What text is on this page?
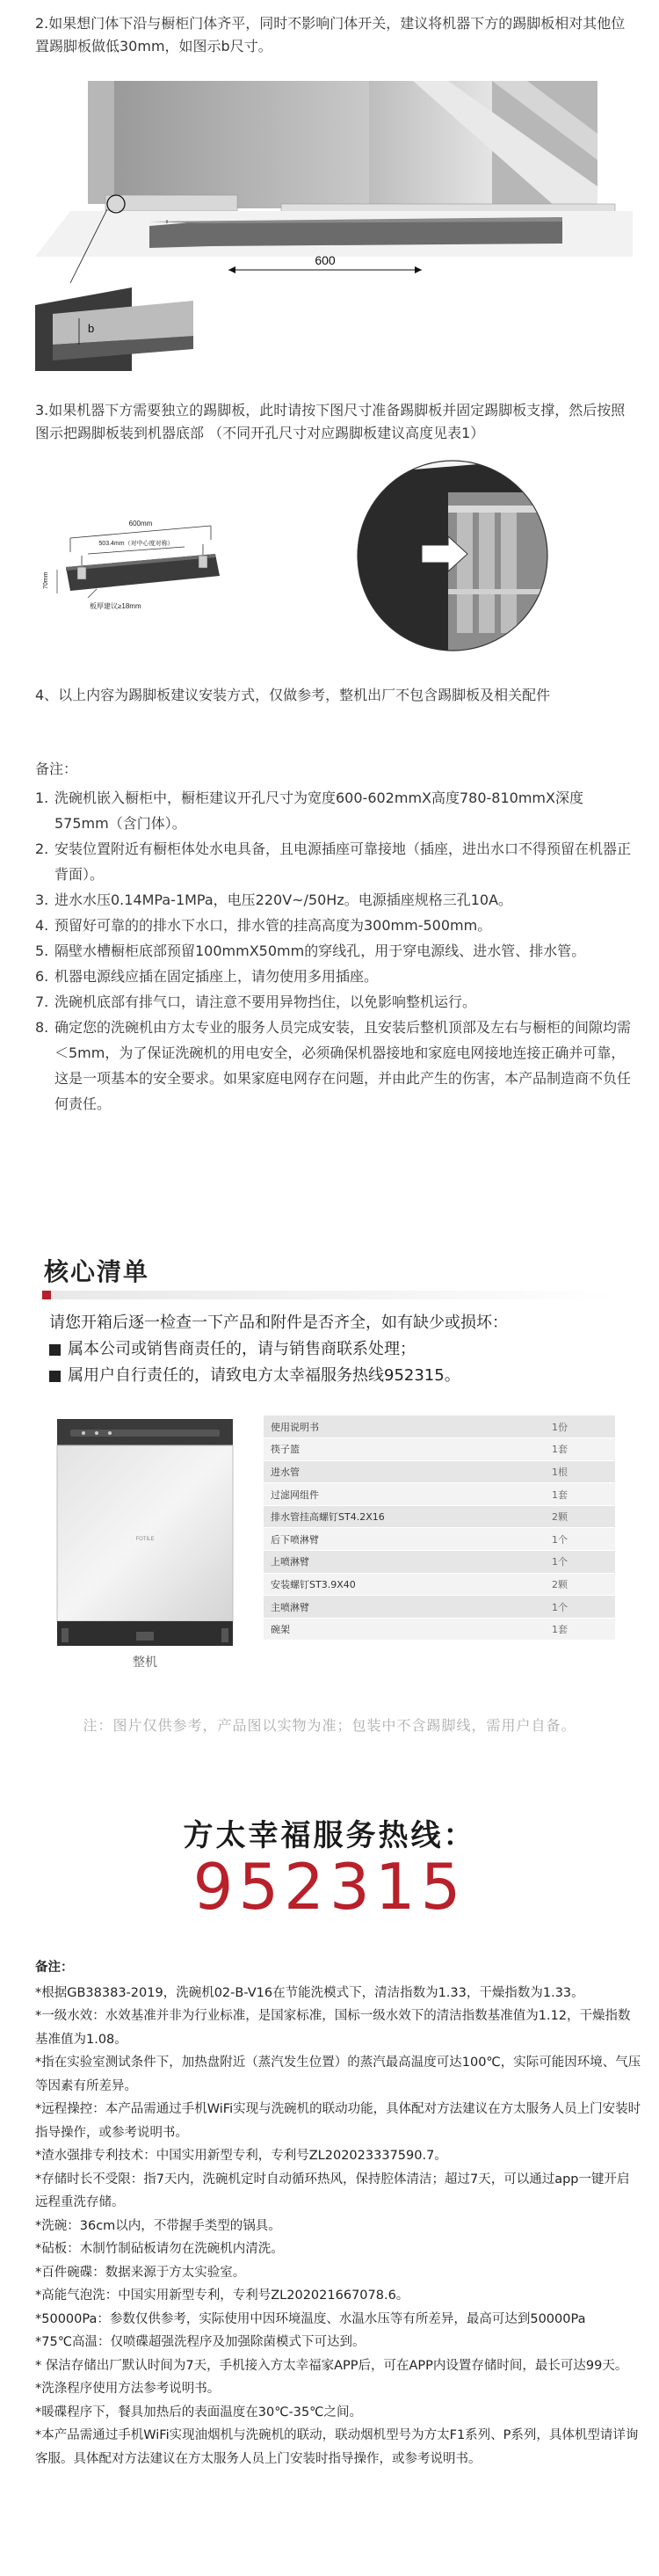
2.如果想门体下沿与橱柜门体齐平，同时不影响门体开关，建议将机器下方的踢脚板相对其他位置踢脚板做低30mm，如图示b尺寸。

600
b

3.如果机器下方需要独立的踢脚板，此时请按下图尺寸准备踢脚板并固定踢脚板支撑，然后按照图示把踢脚板装到机器底部 （不同开孔尺寸对应踢脚板建议高度见表1）

600mm
503.4mm（对中心度对称）
70mm
板厚建议≥18mm

4、以上内容为踢脚板建议安装方式，仅做参考，整机出厂不包含踢脚板及相关配件

备注：
1. 洗碗机嵌入橱柜中，橱柜建议开孔尺寸为宽度600-602mmX高度780-810mmX深度575mm（含门体）。
2. 安装位置附近有橱柜体处水电具备，且电源插座可靠接地（插座，进出水口不得预留在机器正背面）。
3. 进水水压0.14MPa-1MPa，电压220V~/50Hz。电源插座规格三孔10A。
4. 预留好可靠的的排水下水口，排水管的挂高高度为300mm-500mm。
5. 隔壁水槽橱柜底部预留100mmX50mm的穿线孔，用于穿电源线、进水管、排水管。
6. 机器电源线应插在固定插座上，请勿使用多用插座。
7. 洗碗机底部有排气口，请注意不要用异物挡住，以免影响整机运行。
8. 确定您的洗碗机由方太专业的服务人员完成安装，且安装后整机顶部及左右与橱柜的间隙均需＜5mm，为了保证洗碗机的用电安全，必须确保机器接地和家庭电网接地连接正确并可靠，这是一项基本的安全要求。如果家庭电网存在问题，并由此产生的伤害，本产品制造商不负任何责任。
核心清单
请您开箱后逐一检查一下产品和附件是否齐全，如有缺少或损坏：
属本公司或销售商责任的，请与销售商联系处理；
属用户自行责任的，请致电方太幸福服务热线952315。
FOTILE
整机
使用说明书	1份
筷子篮	1套
进水管	1根
过滤网组件	1套
排水管挂高螺钉ST4.2X16	2颗
后下喷淋臂	1个
上喷淋臂	1个
安装螺钉ST3.9X40	2颗
主喷淋臂	1个
碗架	1套
注：图片仅供参考，产品图以实物为准；包装中不含踢脚线，需用户自备。
方太幸福服务热线：
952315
备注：
*根据GB38383-2019，洗碗机02-B-V16在节能洗模式下，清洁指数为1.33，干燥指数为1.33。
*一级水效：水效基准并非为行业标准，是国家标准，国标一级水效下的清洁指数基准值为1.12，干燥指数基准值为1.08。
*指在实验室测试条件下，加热盘附近（蒸汽发生位置）的蒸汽最高温度可达100℃，实际可能因环境、气压等因素有所差异。
*远程操控：本产品需通过手机WiFi实现与洗碗机的联动功能，具体配对方法建议在方太服务人员上门安装时指导操作，或参考说明书。
*渣水强排专利技术：中国实用新型专利，专利号ZL202023337590.7。
*存储时长不受限：指7天内，洗碗机定时自动循环热风，保持腔体清洁；超过7天，可以通过app一键开启远程重洗存储。
*洗碗：36cm以内，不带握手类型的锅具。
*砧板：木制竹制砧板请勿在洗碗机内清洗。
*百件碗碟：数据来源于方太实验室。
*高能气泡洗：中国实用新型专利，专利号ZL202021667078.6。
*50000Pa：参数仅供参考，实际使用中因环境温度、水温水压等有所差异，最高可达到50000Pa
*75℃高温：仅喷碟超强洗程序及加强除菌模式下可达到。
* 保洁存储出厂默认时间为7天，手机接入方太幸福家APP后，可在APP内设置存储时间，最长可达99天。
*洗涤程序使用方法参考说明书。
*暖碟程序下，餐具加热后的表面温度在30℃-35℃之间。
*本产品需通过手机WiFi实现油烟机与洗碗机的联动，联动烟机型号为方太F1系列、P系列，具体机型请详询客服。具体配对方法建议在方太服务人员上门安装时指导操作，或参考说明书。
